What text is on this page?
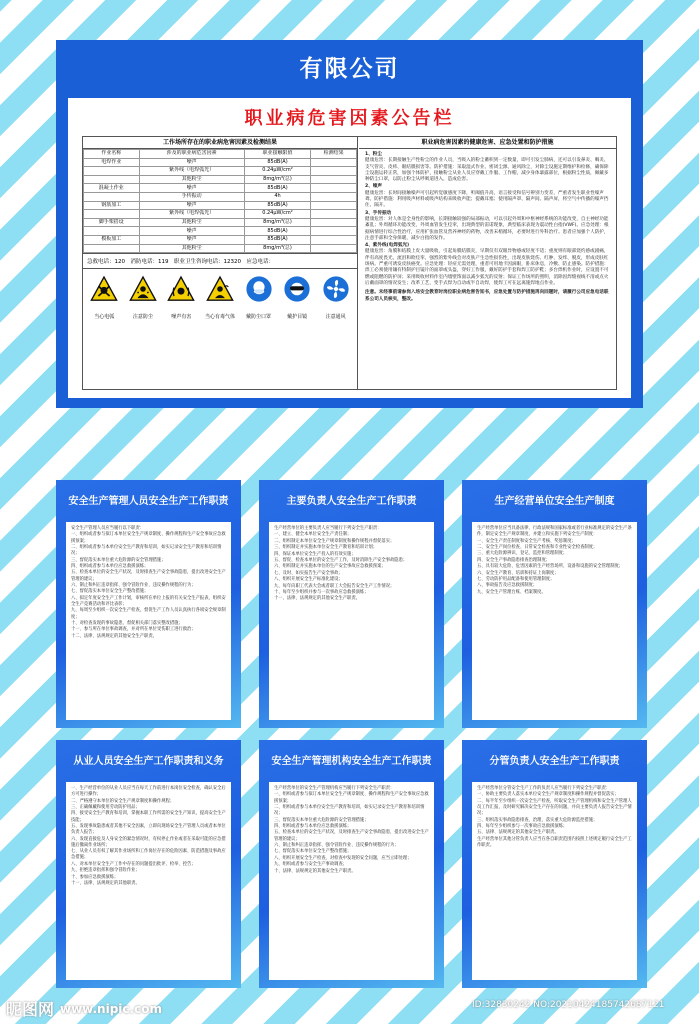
有限公司
职业病危害因素公告栏
工作场所存在的职业病危害因素及检测结果
作业名称	涉及的职业病危害因素	职业接触限值	检测结果
电焊作业	噪声	85dB(A)	
	紫外线（电焊弧光）	0.24μW/cm²	
	其他粉尘	8mg/m³(总)	
混凝土作业	噪声	85dB(A)	
	手传振动	4h	
钢筋加工	噪声	85dB(A)	
	紫外线（电焊弧光）	0.24μW/cm²	
脚手架搭设	其他粉尘	8mg/m³(总)	
	噪声	85dB(A)	
模板加工	噪声	85dB(A)	
	其他粉尘	8mg/m³(总)	
急救电话：120　消防电话：119　职业卫生咨询电话：12320　应急电话：
当心电弧	注意防尘	噪声有害	当心有毒气体 戴防尘口罩	戴护目镜	注意通风
职业病危害因素的健康危害、应急处置和防护措施
1、粉尘
健康危害：长期接触生产性粉尘的作业人员，当吸入的粉尘蓄积到一定数量，即可引发尘肺病，还可以引发鼻炎、咽炎、支气管炎、皮疹、眼结膜损害等。防护措施：采取湿式作业、密闭尘源、通风除尘，对除尘设施定期维护和检修，确保除尘设施运转正常，加强个体防护，接触粉尘从业人员应穿戴工作服、工作帽，减少身体暴露部位，根据粉尘性质，佩戴多种防尘口罩，以防止粉尘从呼吸道进入，造成危害。
2、噪声
健康危害：长时间接触噪声可引起听觉敏感度下降，听阈值升高，语言接受和信号辨别力变差，严重者发生职业性噪声聋。防护措施：利用吸声材料或吸声结构来吸收声能；提戴耳塞；使用隔声罩、隔声间、隔声屏，将空气中传播的噪声挡住、隔开。
3、手传振动
健康危害：对人体是全身性的影响，长期接触较强的局部振动，可以引起外周和中枢神经系统的功能改变，自主神经功能紊乱；外周循环功能改变，外周血管发生痉挛，出现典型的雷诺现象，典型临床表现为震动性白指(VWF)。应急处理：根据病情进行综合性治疗，应用扩张血管及营养神经的药物，改善末梢循环，必要时进行外科治疗。患者应加强个人防护，注意手部和全身保暖，减少白指的发作。
4、紫外线(电焊弧光)
健康危害：角膜和结膜上皮大量吸收，引起角膜结膜炎，早期仅有双眼异物感或轻度不适；重度则有眼部烧灼感或剧痛，伴有高度畏光、流泪和睑痉挛，强烈的紫外线会对皮肤产生急性损伤性，出现皮肤烧伤、红肿、发痒、脱皮，形成皮肤红斑病。严重可诱发皮肤癌变。应急处理：轻症无需处理，重者可用地卡因滴眼，卧床休息，冷敷、防止感染。防护措施：焊工必须使用镶有特制护目镜片的面罩或头盔，穿好工作服，戴好防护手套和焊工防护鞋；多台焊机作业时，应设置不可燃或阻燃的防护屏；采用吸收材料作室内墙壁饰面以减少弧光的反射；保证工作场所的照明，消除因焊缝视线不清或点火后戴面罩的情况发生；改革工艺，变手式焊为自动或半自动焊，使焊工可在远离施焊地点作业。
注意。未经事前请参岗入场安全教育时岗位职业病危害告知书，应急处置与防护措施再向回题时，请履行公司应急电话联系公司人员核实，整改。
安全生产管理人员安全生产工作职责

安全生产管理人员应当履行以下职责：

一、组织或者参与拟订本单位安全生产规章制度、操作规程和生产安全事故应急救援预案；

二、组织或者参与本单位安全生产教育和培训，如实记录安全生产教育和培训情况；

三、督促落实本单位重大危险源的安全管理措施；

四、组织或者参与本单位应急救援演练；

五、检查本单位的安全生产状况，及时排查生产安全事故隐患，提出改进安全生产管理的建议；

六、制止和纠正违章指挥、强令冒险作业、违反操作规程的行为；

七、督促落实本单位安全生产整改措施；

八、拟定年度安全生产工作计划，审核所在单位上报的有关安全生产报表，组织安全生产竞赛活动和评比表彰；

九、每周至少组织一次安全生产检查，督促生产工作人员认真执行各项安全规章制度；

十、对检查发现的事故隐患，督促相关部门落实整改措施；

十一、参与所在单位事故调查，并对所在单位受伤职工进行救治；

十二、法律、法规规定的其他安全生产职责。

主要负责人安全生产工作职责

生产经营单位的主要负责人应当履行下列安全生产职责：

一、建立、健全本单位安全生产责任制；

二、组织制定本单位安全生产规章制度和操作规程并督促落实；

三、组织制定并实施本单位安全生产教育和培训计划；

四、保证本单位安全生产投入的有效实施；

五、督促、检查本单位的安全生产工作，及时消除生产安全事故隐患；

六、组织制定并实施本单位的生产安全事故应急救援预案；

七、及时、如实报告生产安全事故；

八、组织开展安全生产标准化建设；

九、每年向职工代表大会或者职工大会报告安全生产工作情况；

十、每年至少组织并参与一次事故应急救援演练；

十一、法律、法规规定的其他安全生产职责。

生产经营单位安全生产制度

生产经营单位应当具备法律、行政法规和国家标准或者行业标准规定的安全生产条件，制定安全生产规章制度，并建立和实施下列安全生产制度：

一、安全生产责任制度和安全生产考核、奖惩制度；

二、安全生产岗位检查、日常安全检查和专业性安全检查制度；

三、重大危险源辨识、登记、监控和管理制度；

四、安全生产事故隐患排查治理制度；

五、具有较大危险、危害因素的生产经营场所、设备和设施的安全管理制度；

六、安全生产教育、培训和持证上岗制度；

七、劳动防护用品配备和使用管理制度；

八、事故报告及应急救援制度；

九、安全生产管理台账、档案制度。

从业人员安全生产工作职责和义务

一、生产经营单位的从业人员应当在每天工作前进行本岗位安全检查，确认安全后方可进行操作；

二、严格遵守本单位的安全生产规章制度和操作规程；

三、正确佩戴和使用劳动防护用品；

四、接受安全生产教育和培训，掌握本职工作所需的安全生产知识，提高安全生产技能；

五、发现事故隐患或者其他不安全因素，立即向现场安全生产管理人员或者本单位负责人报告；

六、发现直接危及人身安全的紧急情况时，有权停止作业或者在采取可能的应急措施后撤离作业场所；

七、从业人员有权了解其作业场所和工作岗位存在的危险因素、防范措施及事故应急措施；

八、对本单位安全生产工作中存在的问题提出批评、检举、控告；

九、拒绝违章指挥和强令冒险作业；

十、参加应急救援演练；

十一、法律、法规规定的其他职责。

安全生产管理机构安全生产工作职责

生产经营单位的安全生产管理机构应当履行下列安全生产职责：

一、组织或者参与拟订本单位安全生产规章制度、操作规程和生产安全事故应急救援预案；

二、组织或者参与本单位安全生产教育和培训，如实记录安全生产教育和培训情况；

三、督促落实本单位重大危险源的安全管理措施；

四、组织或者参与本单位应急救援演练；

五、检查本单位的安全生产状况，及时排查生产安全事故隐患，提出改进安全生产管理的建议；

六、制止和纠正违章指挥、强令冒险作业、违反操作规程的行为；

七、督促落实本单位安全生产整改措施；

八、组织开展安全生产检查，对检查中发现的安全问题，应当立即处理；

九、组织或者参与安全生产事故调查；

十、法律、法规规定的其他安全生产职责。

分管负责人安全生产工作职责

生产经营单位分管安全生产工作的负责人应当履行下列安全生产职责：

一、协助主要负责人落实本单位安全生产规章制度和操作规程并督促落实；

二、每半年至少组织一次安全生产检查，听取安全生产管理机构和安全生产管理人员工作汇报，及时研究解决安全生产存在的问题，并向主要负责人报告安全生产情况；

三、组织落实事故隐患排查、治理，落实重大危险源监控措施；

四、每年至少组织参与一次事故应急救援演练；

五、法律、法规规定的其他安全生产职责。

生产经营单位其他分管负责人应当在各自职责范围内按照上述规定履行安全生产工作职责。

昵图网 www.nipic.com	ID:32830242 NO:20210424185742687121
